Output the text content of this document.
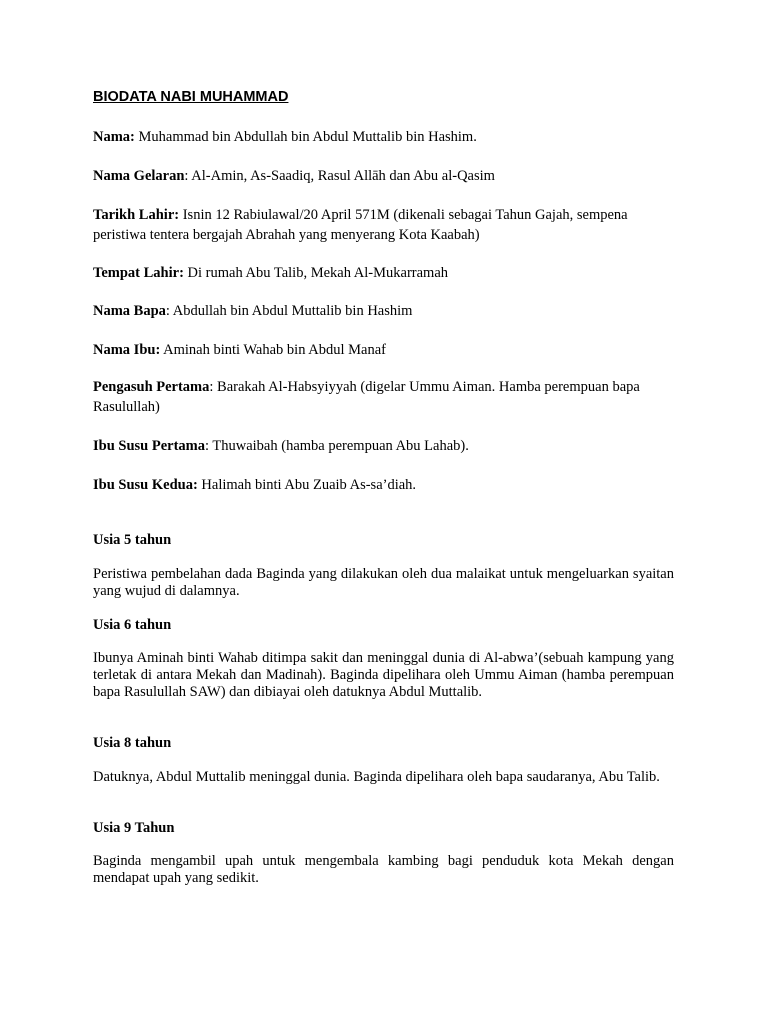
BIODATA NABI MUHAMMAD

Nama: Muhammad bin Abdullah bin Abdul Muttalib bin Hashim.

Nama Gelaran: Al-Amin, As-Saadiq, Rasul Allāh dan Abu al-Qasim

Tarikh Lahir: Isnin 12 Rabiulawal/20 April 571M (dikenali sebagai Tahun Gajah, sempena peristiwa tentera bergajah Abrahah yang menyerang Kota Kaabah)

Tempat Lahir: Di rumah Abu Talib, Mekah Al-Mukarramah

Nama Bapa: Abdullah bin Abdul Muttalib bin Hashim

Nama Ibu: Aminah binti Wahab bin Abdul Manaf

Pengasuh Pertama: Barakah Al-Habsyiyyah (digelar Ummu Aiman. Hamba perempuan bapa Rasulullah)

Ibu Susu Pertama: Thuwaibah (hamba perempuan Abu Lahab).

Ibu Susu Kedua: Halimah binti Abu Zuaib As-sa’diah.

Usia 5 tahun

Peristiwa pembelahan dada Baginda yang dilakukan oleh dua malaikat untuk mengeluarkan syaitan yang wujud di dalamnya.

Usia 6 tahun

Ibunya Aminah binti Wahab ditimpa sakit dan meninggal dunia di Al-abwa’(sebuah kampung yang terletak di antara Mekah dan Madinah). Baginda dipelihara oleh Ummu Aiman (hamba perempuan bapa Rasulullah SAW) dan dibiayai oleh datuknya Abdul Muttalib.

Usia 8 tahun

Datuknya, Abdul Muttalib meninggal dunia. Baginda dipelihara oleh bapa saudaranya, Abu Talib.

Usia 9 Tahun

Baginda mengambil upah untuk mengembala kambing bagi penduduk kota Mekah dengan mendapat upah yang sedikit.
